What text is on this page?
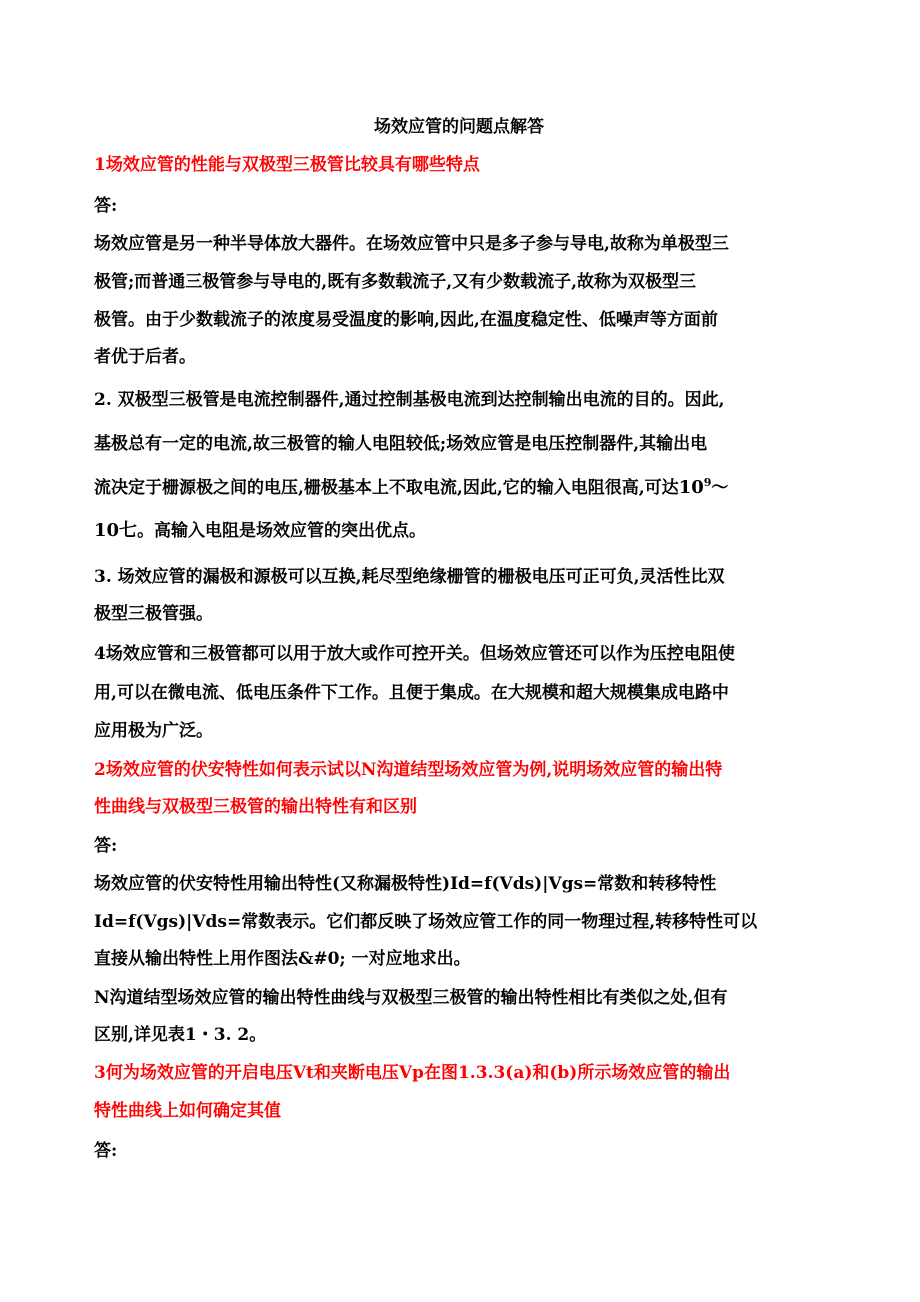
场效应管的问题点解答

1场效应管的性能与双极型三极管比较具有哪些特点

答:

场效应管是另一种半导体放大器件。在场效应管中只是多子参与导电,故称为单极型三

极管;而普通三极管参与导电的,既有多数载流子,又有少数载流子,故称为双极型三

极管。由于少数载流子的浓度易受温度的影响,因此,在温度稳定性、低噪声等方面前

者优于后者。

2. 双极型三极管是电流控制器件,通过控制基极电流到达控制输出电流的目的。因此,

基极总有一定的电流,故三极管的输人电阻较低;场效应管是电压控制器件,其输出电

流决定于栅源极之间的电压,栅极基本上不取电流,因此,它的输入电阻很高,可达$10^9$〜

10七。高输入电阻是场效应管的突出优点。

3. 场效应管的漏极和源极可以互换,耗尽型绝缘栅管的栅极电压可正可负,灵活性比双

极型三极管强。

4场效应管和三极管都可以用于放大或作可控开关。但场效应管还可以作为压控电阻使

用,可以在微电流、低电压条件下工作。且便于集成。在大规模和超大规模集成电路中

应用极为广泛。

2场效应管的伏安特性如何表示试以N沟道结型场效应管为例,说明场效应管的输出特

性曲线与双极型三极管的输出特性有和区别

答:

场效应管的伏安特性用输出特性(又称漏极特性)Id=f(Vds)|Vgs=常数和转移特性

Id=f(Vgs)|Vds=常数表示。它们都反映了场效应管工作的同一物理过程,转移特性可以

直接从输出特性上用作图法&#0; 一对应地求出。

N沟道结型场效应管的输出特性曲线与双极型三极管的输出特性相比有类似之处,但有

区别,详见表1・3. 2。

3何为场效应管的开启电压Vt和夹断电压Vp在图1.3.3(a)和(b)所示场效应管的输出

特性曲线上如何确定其值

答:
